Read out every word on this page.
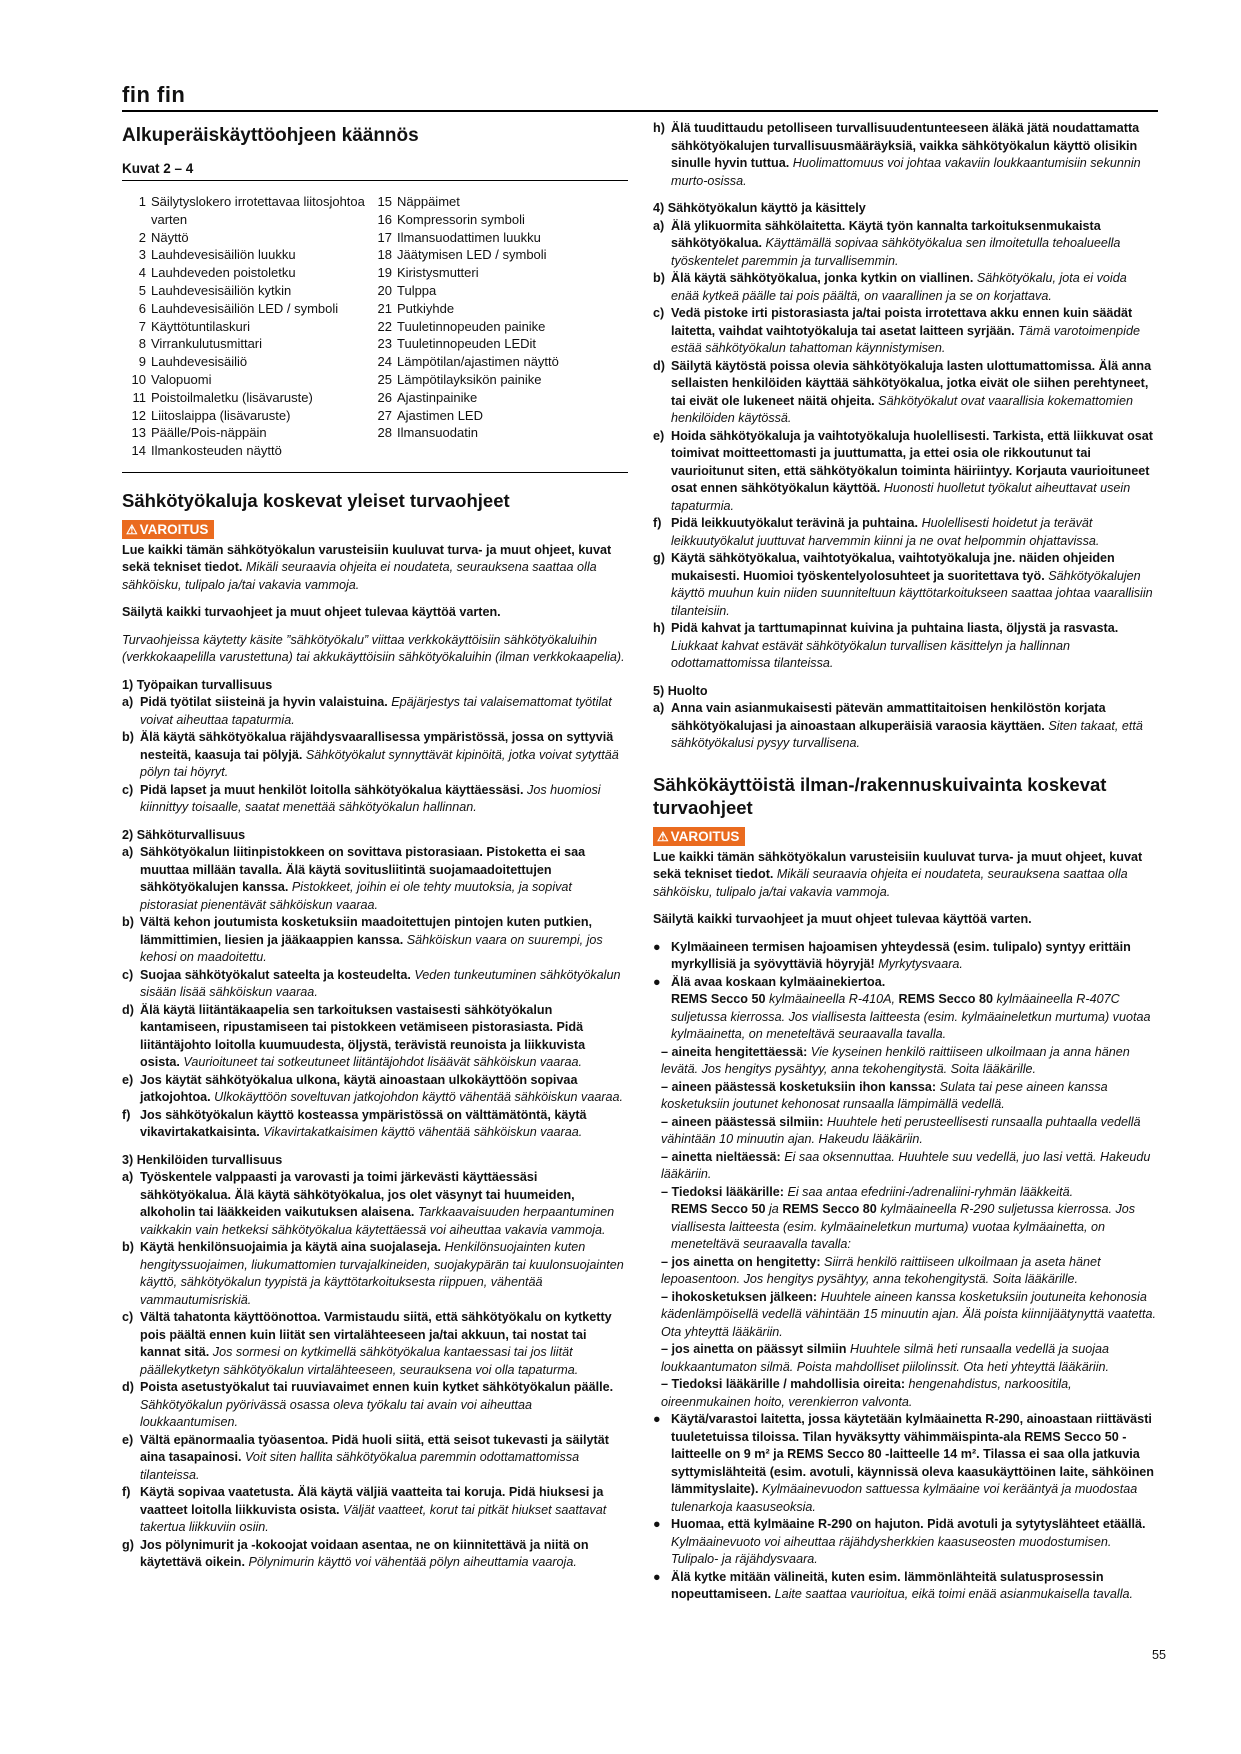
fin fin
Alkuperäiskäyttöohjeen käännös
Kuvat 2 – 4
1 Säilytyslokero irrotettavaa liitosjohtoa varten
2 Näyttö
3 Lauhdevesisäiliön luukku
4 Lauhdeveden poistoletku
5 Lauhdevesisäiliön kytkin
6 Lauhdevesisäiliön LED / symboli
7 Käyttötuntilaskuri
8 Virrankulutusmittari
9 Lauhdevesisäiliö
10 Valopuomi
11 Poistoilmaletku (lisävaruste)
12 Liitoslaippa (lisävaruste)
13 Päälle/Pois-näppäin
14 Ilmankosteuden näyttö
15 Näppäimet
16 Kompressorin symboli
17 Ilmansuodattimen luukku
18 Jäätymisen LED / symboli
19 Kiristysmutteri
20 Tulppa
21 Putkiyhde
22 Tuuletinnopeuden painike
23 Tuuletinnopeuden LEDit
24 Lämpötilan/ajastimen näyttö
25 Lämpötilayksikön painike
26 Ajastinpainike
27 Ajastimen LED
28 Ilmansuodatin
Sähkötyökaluja koskevat yleiset turvaohjeet
⚠ VAROITUS

Lue kaikki tämän sähkötyökalun varusteisiin kuuluvat turva- ja muut ohjeet, kuvat sekä tekniset tiedot. Mikäli seuraavia ohjeita ei noudateta, seurauksena saattaa olla sähköisku, tulipalo ja/tai vakavia vammoja.

Säilytä kaikki turvaohjeet ja muut ohjeet tulevaa käyttöä varten.

Turvaohjeissa käytetty käsite ”sähkötyökalu” viittaa verkkokäyttöisiin sähkötyökaluihin (verkkokaapelilla varustettuna) tai akkukäyttöisiin sähkötyökaluihin (ilman verkkokaapelia).

1) Työpaikan turvallisuus

a) Pidä työtilat siisteinä ja hyvin valaistuina. Epäjärjestys tai valaisemattomat työtilat voivat aiheuttaa tapaturmia.
b) Älä käytä sähkötyökalua räjähdysvaarallisessa ympäristössä, jossa on syttyviä nesteitä, kaasuja tai pölyjä. Sähkötyökalut synnyttävät kipinöitä, jotka voivat sytyttää pölyn tai höyryt.
c) Pidä lapset ja muut henkilöt loitolla sähkötyökalua käyttäessäsi. Jos huomiosi kiinnittyy toisaalle, saatat menettää sähkötyökalun hallinnan.

2) Sähköturvallisuus

a) Sähkötyökalun liitinpistokkeen on sovittava pistorasiaan. Pistoketta ei saa muuttaa millään tavalla. Älä käytä sovitusliitintä suojamaadoitettujen sähkötyökalujen kanssa. Pistokkeet, joihin ei ole tehty muutoksia, ja sopivat pistorasiat pienentävät sähköiskun vaaraa.
b) Vältä kehon joutumista kosketuksiin maadoitettujen pintojen kuten putkien, lämmittimien, liesien ja jääkaappien kanssa. Sähköiskun vaara on suurempi, jos kehosi on maadoitettu.
c) Suojaa sähkötyökalut sateelta ja kosteudelta. Veden tunkeutuminen sähkötyökalun sisään lisää sähköiskun vaaraa.
d) Älä käytä liitäntäkaapelia sen tarkoituksen vastaisesti sähkötyökalun kantamiseen, ripustamiseen tai pistokkeen vetämiseen pistorasiasta. Pidä liitäntäjohto loitolla kuumuudesta, öljystä, terävistä reunoista ja liikkuvista osista. Vaurioituneet tai sotkeutuneet liitäntäjohdot lisäävät sähköiskun vaaraa.
e) Jos käytät sähkötyökalua ulkona, käytä ainoastaan ulkokäyttöön sopivaa jatkojohtoa. Ulkokäyttöön soveltuvan jatkojohdon käyttö vähentää sähköiskun vaaraa.
f) Jos sähkötyökalun käyttö kosteassa ympäristössä on välttämätöntä, käytä vikavirtakatkaisinta. Vikavirtakatkaisimen käyttö vähentää sähköiskun vaaraa.

3) Henkilöiden turvallisuus

a) Työskentele valppaasti ja varovasti ja toimi järkevästi käyttäessäsi sähkötyökalua. Älä käytä sähkötyökalua, jos olet väsynyt tai huumeiden, alkoholin tai lääkkeiden vaikutuksen alaisena. Tarkkaavaisuuden herpaantuminen vaikkakin vain hetkeksi sähkötyökalua käytettäessä voi aiheuttaa vakavia vammoja.
b) Käytä henkilönsuojaimia ja käytä aina suojalaseja. Henkilönsuojainten kuten hengityssuojaimen, liukumattomien turvajalkineiden, suojakypärän tai kuulonsuojainten käyttö, sähkötyökalun tyypistä ja käyttötarkoituksesta riippuen, vähentää vammautumisriskiä.
c) Vältä tahatonta käyttöönottoa. Varmistaudu siitä, että sähkötyökalu on kytketty pois päältä ennen kuin liität sen virtalähteeseen ja/tai akkuun, tai nostat tai kannat sitä. Jos sormesi on kytkimellä sähkötyökalua kantaessasi tai jos liität päällekytketyn sähkötyökalun virtalähteeseen, seurauksena voi olla tapaturma.
d) Poista asetustyökalut tai ruuviavaimet ennen kuin kytket sähkötyökalun päälle. Sähkötyökalun pyörivässä osassa oleva työkalu tai avain voi aiheuttaa loukkaantumisen.
e) Vältä epänormaalia työasentoa. Pidä huoli siitä, että seisot tukevasti ja säilytät aina tasapainosi. Voit siten hallita sähkötyökalua paremmin odottamattomissa tilanteissa.
f) Käytä sopivaa vaatetusta. Älä käytä väljiä vaatteita tai koruja. Pidä hiuksesi ja vaatteet loitolla liikkuvista osista. Väljät vaatteet, korut tai pitkät hiukset saattavat takertua liikkuviin osiin.
g) Jos pölynimurit ja -kokoojat voidaan asentaa, ne on kiinnitettävä ja niitä on käytettävä oikein. Pölynimurin käyttö voi vähentää pölyn aiheuttamia vaaroja.
h) Älä tuudittaudu petolliseen turvallisuudentunteeseen äläkä jätä noudattamatta sähkötyökalujen turvallisuusmääräyksiä, vaikka sähkötyökalun käyttö olisikin sinulle hyvin tuttua. Huolimattomuus voi johtaa vakaviin loukkaantumisiin sekunnin murto-osissa.

4) Sähkötyökalun käyttö ja käsittely

a) Älä ylikuormita sähkölaitetta. Käytä työn kannalta tarkoituksenmukaista sähkötyökalua. Käyttämällä sopivaa sähkötyökalua sen ilmoitetulla tehoalueella työskentelet paremmin ja turvallisemmin.
b) Älä käytä sähkötyökalua, jonka kytkin on viallinen. Sähkötyökalu, jota ei voida enää kytkeä päälle tai pois päältä, on vaarallinen ja se on korjattava.
c) Vedä pistoke irti pistorasiasta ja/tai poista irrotettava akku ennen kuin säädät laitetta, vaihdat vaihtotyökaluja tai asetat laitteen syrjään. Tämä varotoimenpide estää sähkötyökalun tahattoman käynnistymisen.
d) Säilytä käytöstä poissa olevia sähkötyökaluja lasten ulottumattomissa. Älä anna sellaisten henkilöiden käyttää sähkötyökalua, jotka eivät ole siihen perehtyneet, tai eivät ole lukeneet näitä ohjeita. Sähkötyökalut ovat vaarallisia kokemattomien henkilöiden käytössä.
e) Hoida sähkötyökaluja ja vaihtotyökaluja huolellisesti. Tarkista, että liikkuvat osat toimivat moitteettomasti ja juuttumatta, ja ettei osia ole rikkoutunut tai vaurioitunut siten, että sähkötyökalun toiminta häiriintyy. Korjauta vaurioituneet osat ennen sähkötyökalun käyttöä. Huonosti huolletut työkalut aiheuttavat usein tapaturmia.
f) Pidä leikkuutyökalut terävinä ja puhtaina. Huolellisesti hoidetut ja terävät leikkuutyökalut juuttuvat harvemmin kiinni ja ne ovat helpommin ohjattavissa.
g) Käytä sähkötyökalua, vaihtotyökalua, vaihtotyökaluja jne. näiden ohjeiden mukaisesti. Huomioi työskentelyolosuhteet ja suoritettava työ. Sähkötyökalujen käyttö muuhun kuin niiden suunniteltuun käyttötarkoitukseen saattaa johtaa vaarallisiin tilanteisiin.
h) Pidä kahvat ja tarttumapinnat kuivina ja puhtaina liasta, öljystä ja rasvasta. Liukkaat kahvat estävät sähkötyökalun turvallisen käsittelyn ja hallinnan odottamattomissa tilanteissa.

5) Huolto

a) Anna vain asianmukaisesti pätevän ammattitaitoisen henkilöstön korjata sähkötyökalujasi ja ainoastaan alkuperäisiä varaosia käyttäen. Siten takaat, että sähkötyökalusi pysyy turvallisena.
Sähkökäyttöistä ilman-/rakennuskuivainta koskevat turvaohjeet
⚠ VAROITUS

Lue kaikki tämän sähkötyökalun varusteisiin kuuluvat turva- ja muut ohjeet, kuvat sekä tekniset tiedot. Mikäli seuraavia ohjeita ei noudateta, seurauksena saattaa olla sähköisku, tulipalo ja/tai vakavia vammoja.

Säilytä kaikki turvaohjeet ja muut ohjeet tulevaa käyttöä varten.

● Kylmäaineen termisen hajoamisen yhteydessä (esim. tulipalo) syntyy erittäin myrkyllisiä ja syövyttäviä höyryjä! Myrkytysvaara.
● Älä avaa koskaan kylmäainekiertoa.
REMS Secco 50 kylmäaineella R-410A, REMS Secco 80 kylmäaineella R-407C suljetussa kierrossa. Jos viallisesta laitteesta (esim. kylmäaineletkun murtuma) vuotaa kylmäainetta, on meneteltävä seuraavalla tavalla.
– aineita hengitettäessä: Vie kyseinen henkilö raittiiseen ulkoilmaan ja anna hänen levätä. Jos hengitys pysähtyy, anna tekohengitystä. Soita lääkärille.
– aineen päästessä kosketuksiin ihon kanssa: Sulata tai pese aineen kanssa kosketuksiin joutunet kehonosat runsaalla lämpimällä vedellä.
– aineen päästessä silmiin: Huuhtele heti perusteellisesti runsaalla puhtaalla vedellä vähintään 10 minuutin ajan. Hakeudu lääkäriin.
– ainetta nieltäessä: Ei saa oksennuttaa. Huuhtele suu vedellä, juo lasi vettä. Hakeudu lääkäriin.
– Tiedoksi lääkärille: Ei saa antaa efedriini-/adrenaliini-ryhmän lääkkeitä.
REMS Secco 50 ja REMS Secco 80 kylmäaineella R-290 suljetussa kierrossa. Jos viallisesta laitteesta (esim. kylmäaineletkun murtuma) vuotaa kylmäainetta, on meneteltävä seuraavalla tavalla:
– jos ainetta on hengitetty: Siirrä henkilö raittiiseen ulkoilmaan ja aseta hänet lepoasentoon. Jos hengitys pysähtyy, anna tekohengitystä. Soita lääkärille.
– ihokosketuksen jälkeen: Huuhtele aineen kanssa kosketuksiin joutuneita kehonosia kädenlämpöisellä vedellä vähintään 15 minuutin ajan. Älä poista kiinnijäätynyttä vaatetta. Ota yhteyttä lääkäriin.
– jos ainetta on päässyt silmiin Huuhtele silmä heti runsaalla vedellä ja suojaa loukkaantumaton silmä. Poista mahdolliset piilolinssit. Ota heti yhteyttä lääkäriin.
– Tiedoksi lääkärille / mahdollisia oireita: hengenahdistus, narkoositila, oireenmukainen hoito, verenkierron valvonta.
● Käytä/varastoi laitetta, jossa käytetään kylmäainetta R-290, ainoastaan riittävästi tuuletetuissa tiloissa. Tilan hyväksytty vähimmäispinta-ala REMS Secco 50 -laitteelle on 9 m² ja REMS Secco 80 -laitteelle 14 m². Tilassa ei saa olla jatkuvia syttymislähteitä (esim. avotuli, käynnissä oleva kaasukäyttöinen laite, sähköinen lämmityslaite). Kylmäainevuodon sattuessa kylmäaine voi kerääntyä ja muodostaa tulenarkoja kaasuseoksia.
● Huomaa, että kylmäaine R-290 on hajuton. Pidä avotuli ja sytytyslähteet etäällä. Kylmäainevuoto voi aiheuttaa räjähdysherkkien kaasuseosten muodostumisen. Tulipalo- ja räjähdysvaara.
● Älä kytke mitään välineitä, kuten esim. lämmönlähteitä sulatusprosessin nopeuttamiseen. Laite saattaa vaurioitua, eikä toimi enää asianmukaisella tavalla.
55
